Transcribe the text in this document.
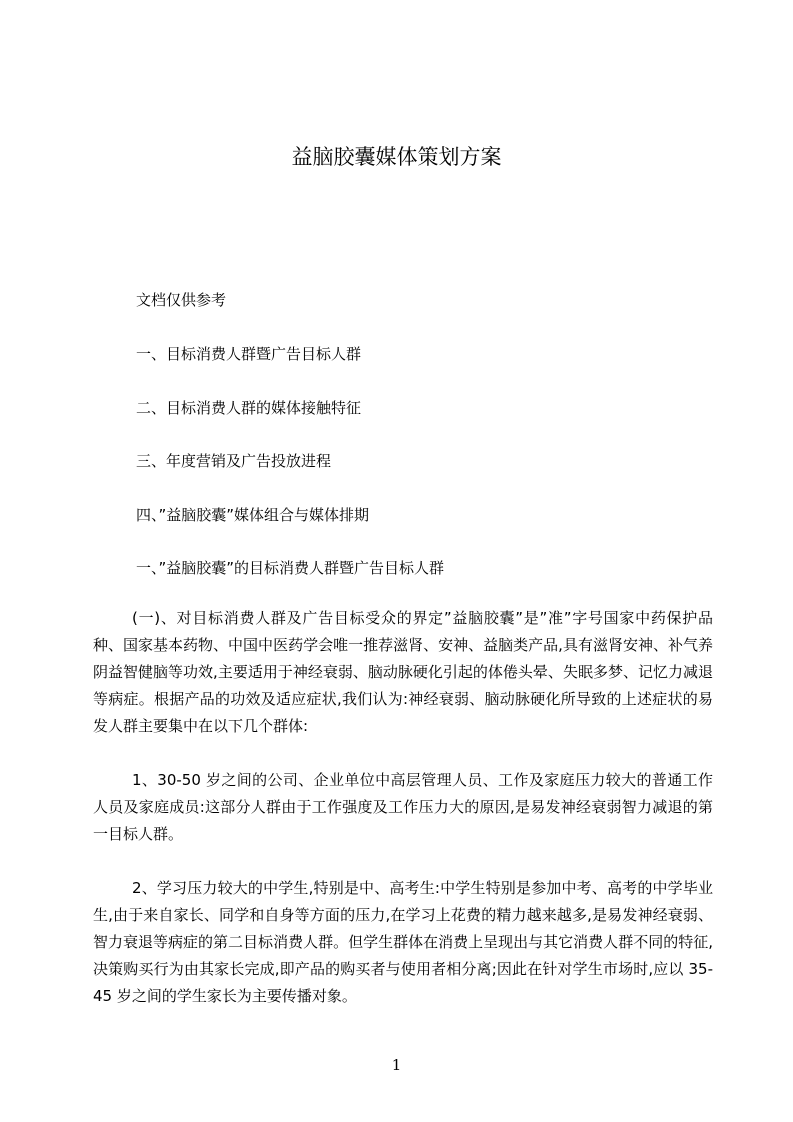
益脑胶囊媒体策划方案
文档仅供参考
一、目标消费人群暨广告目标人群
二、目标消费人群的媒体接触特征
三、年度营销及广告投放进程
四、”益脑胶囊”媒体组合与媒体排期
一、”益脑胶囊”的目标消费人群暨广告目标人群
(一)、对目标消费人群及广告目标受众的界定”益脑胶囊”是”准”字号国家中药保护品种、国家基本药物、中国中医药学会唯一推荐滋肾、安神、益脑类产品,具有滋肾安神、补气养阴益智健脑等功效,主要适用于神经衰弱、脑动脉硬化引起的体倦头晕、失眠多梦、记忆力减退等病症。根据产品的功效及适应症状,我们认为:神经衰弱、脑动脉硬化所导致的上述症状的易发人群主要集中在以下几个群体:
1、30-50 岁之间的公司、企业单位中高层管理人员、工作及家庭压力较大的普通工作人员及家庭成员:这部分人群由于工作强度及工作压力大的原因,是易发神经衰弱智力减退的第一目标人群。
2、学习压力较大的中学生,特别是中、高考生:中学生特别是参加中考、高考的中学毕业生,由于来自家长、同学和自身等方面的压力,在学习上花费的精力越来越多,是易发神经衰弱、智力衰退等病症的第二目标消费人群。但学生群体在消费上呈现出与其它消费人群不同的特征,决策购买行为由其家长完成,即产品的购买者与使用者相分离;因此在针对学生市场时,应以 35-45 岁之间的学生家长为主要传播对象。
1
